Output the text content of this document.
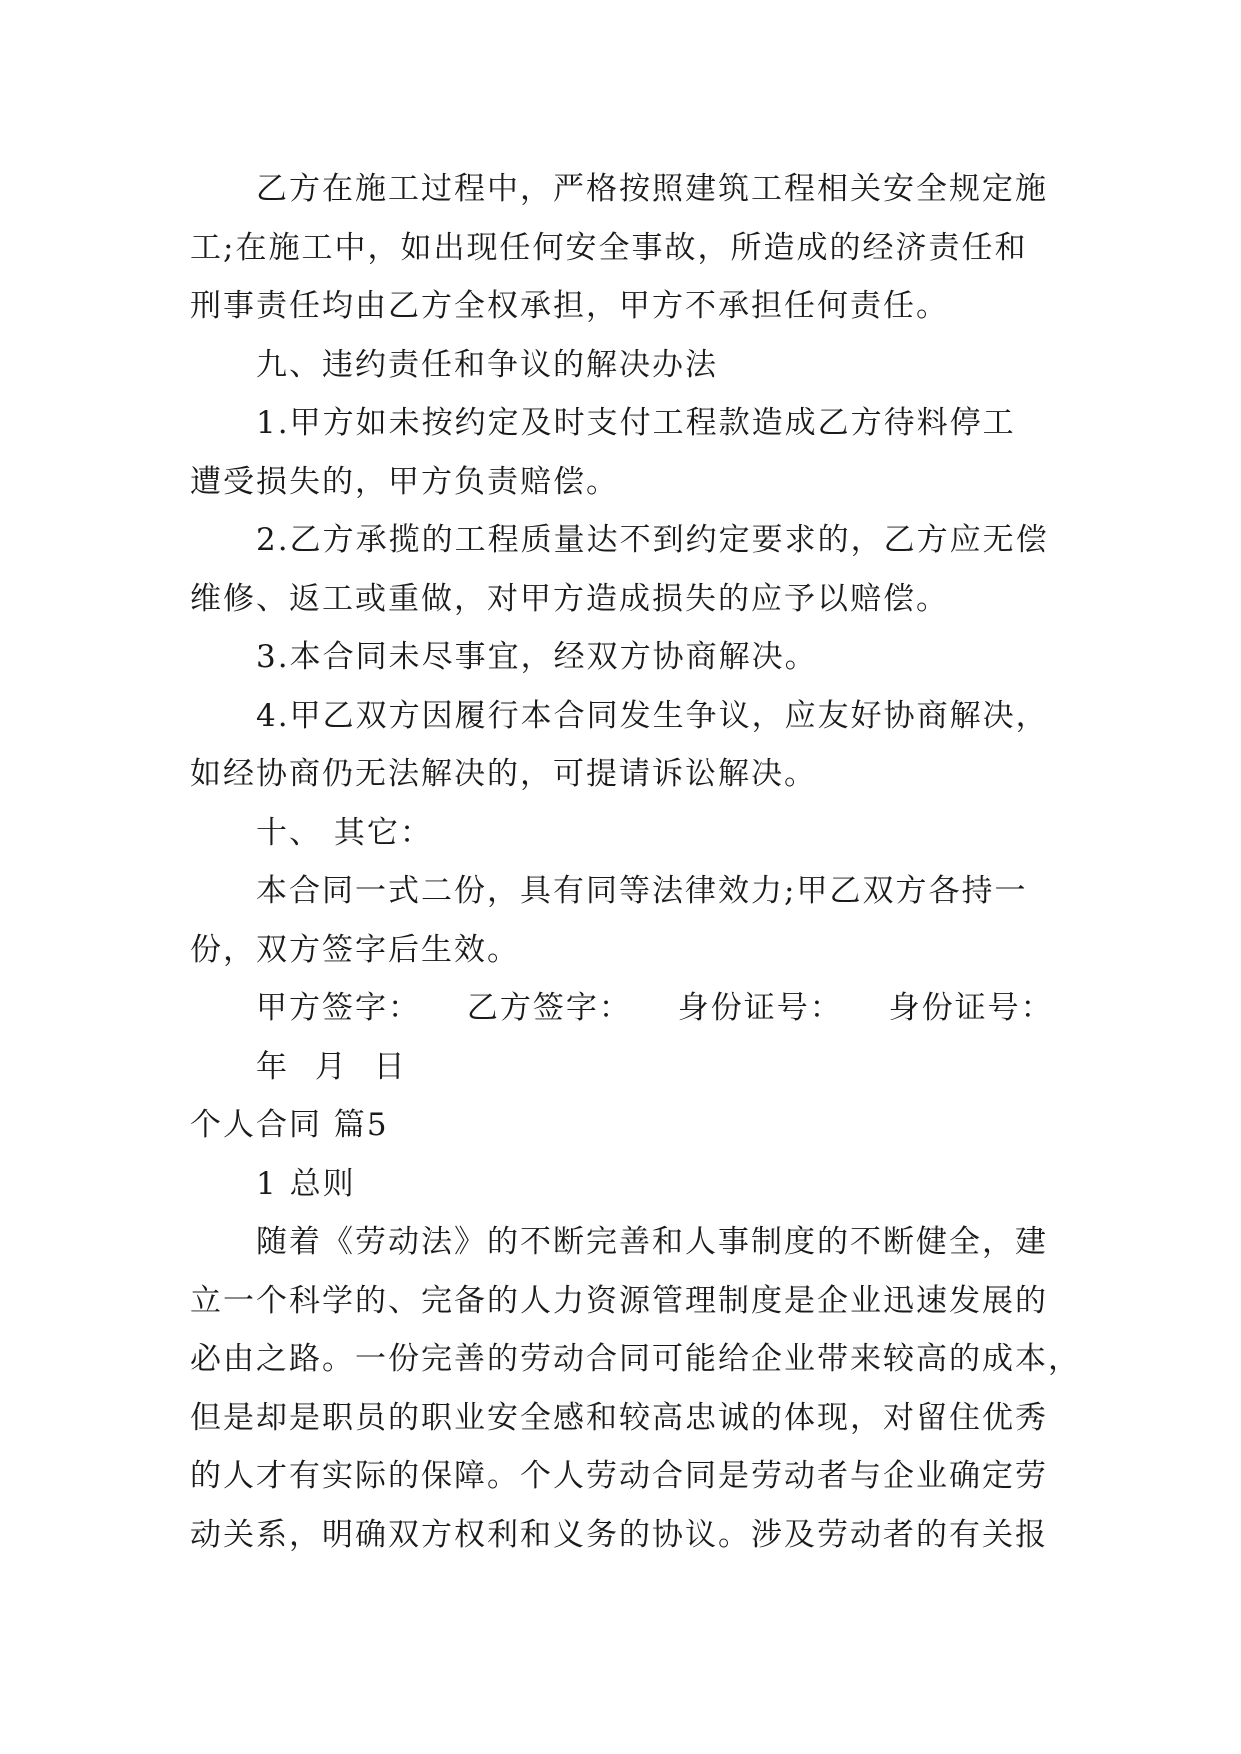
乙方在施工过程中，严格按照建筑工程相关安全规定施
工;在施工中，如出现任何安全事故，所造成的经济责任和
刑事责任均由乙方全权承担，甲方不承担任何责任。
九、违约责任和争议的解决办法
1.甲方如未按约定及时支付工程款造成乙方待料停工
遭受损失的，甲方负责赔偿。
2.乙方承揽的工程质量达不到约定要求的，乙方应无偿
维修、返工或重做，对甲方造成损失的应予以赔偿。
3.本合同未尽事宜，经双方协商解决。
4.甲乙双方因履行本合同发生争议，应友好协商解决，
如经协商仍无法解决的，可提请诉讼解决。
十、 其它：
本合同一式二份，具有同等法律效力;甲乙双方各持一
份，双方签字后生效。
甲方签字： 乙方签字： 身份证号： 身份证号：
年 月 日
个人合同 篇5
1 总则
随着《劳动法》的不断完善和人事制度的不断健全，建
立一个科学的、完备的人力资源管理制度是企业迅速发展的
必由之路。一份完善的劳动合同可能给企业带来较高的成本，
但是却是职员的职业安全感和较高忠诚的体现，对留住优秀
的人才有实际的保障。个人劳动合同是劳动者与企业确定劳
动关系，明确双方权利和义务的协议。涉及劳动者的有关报
